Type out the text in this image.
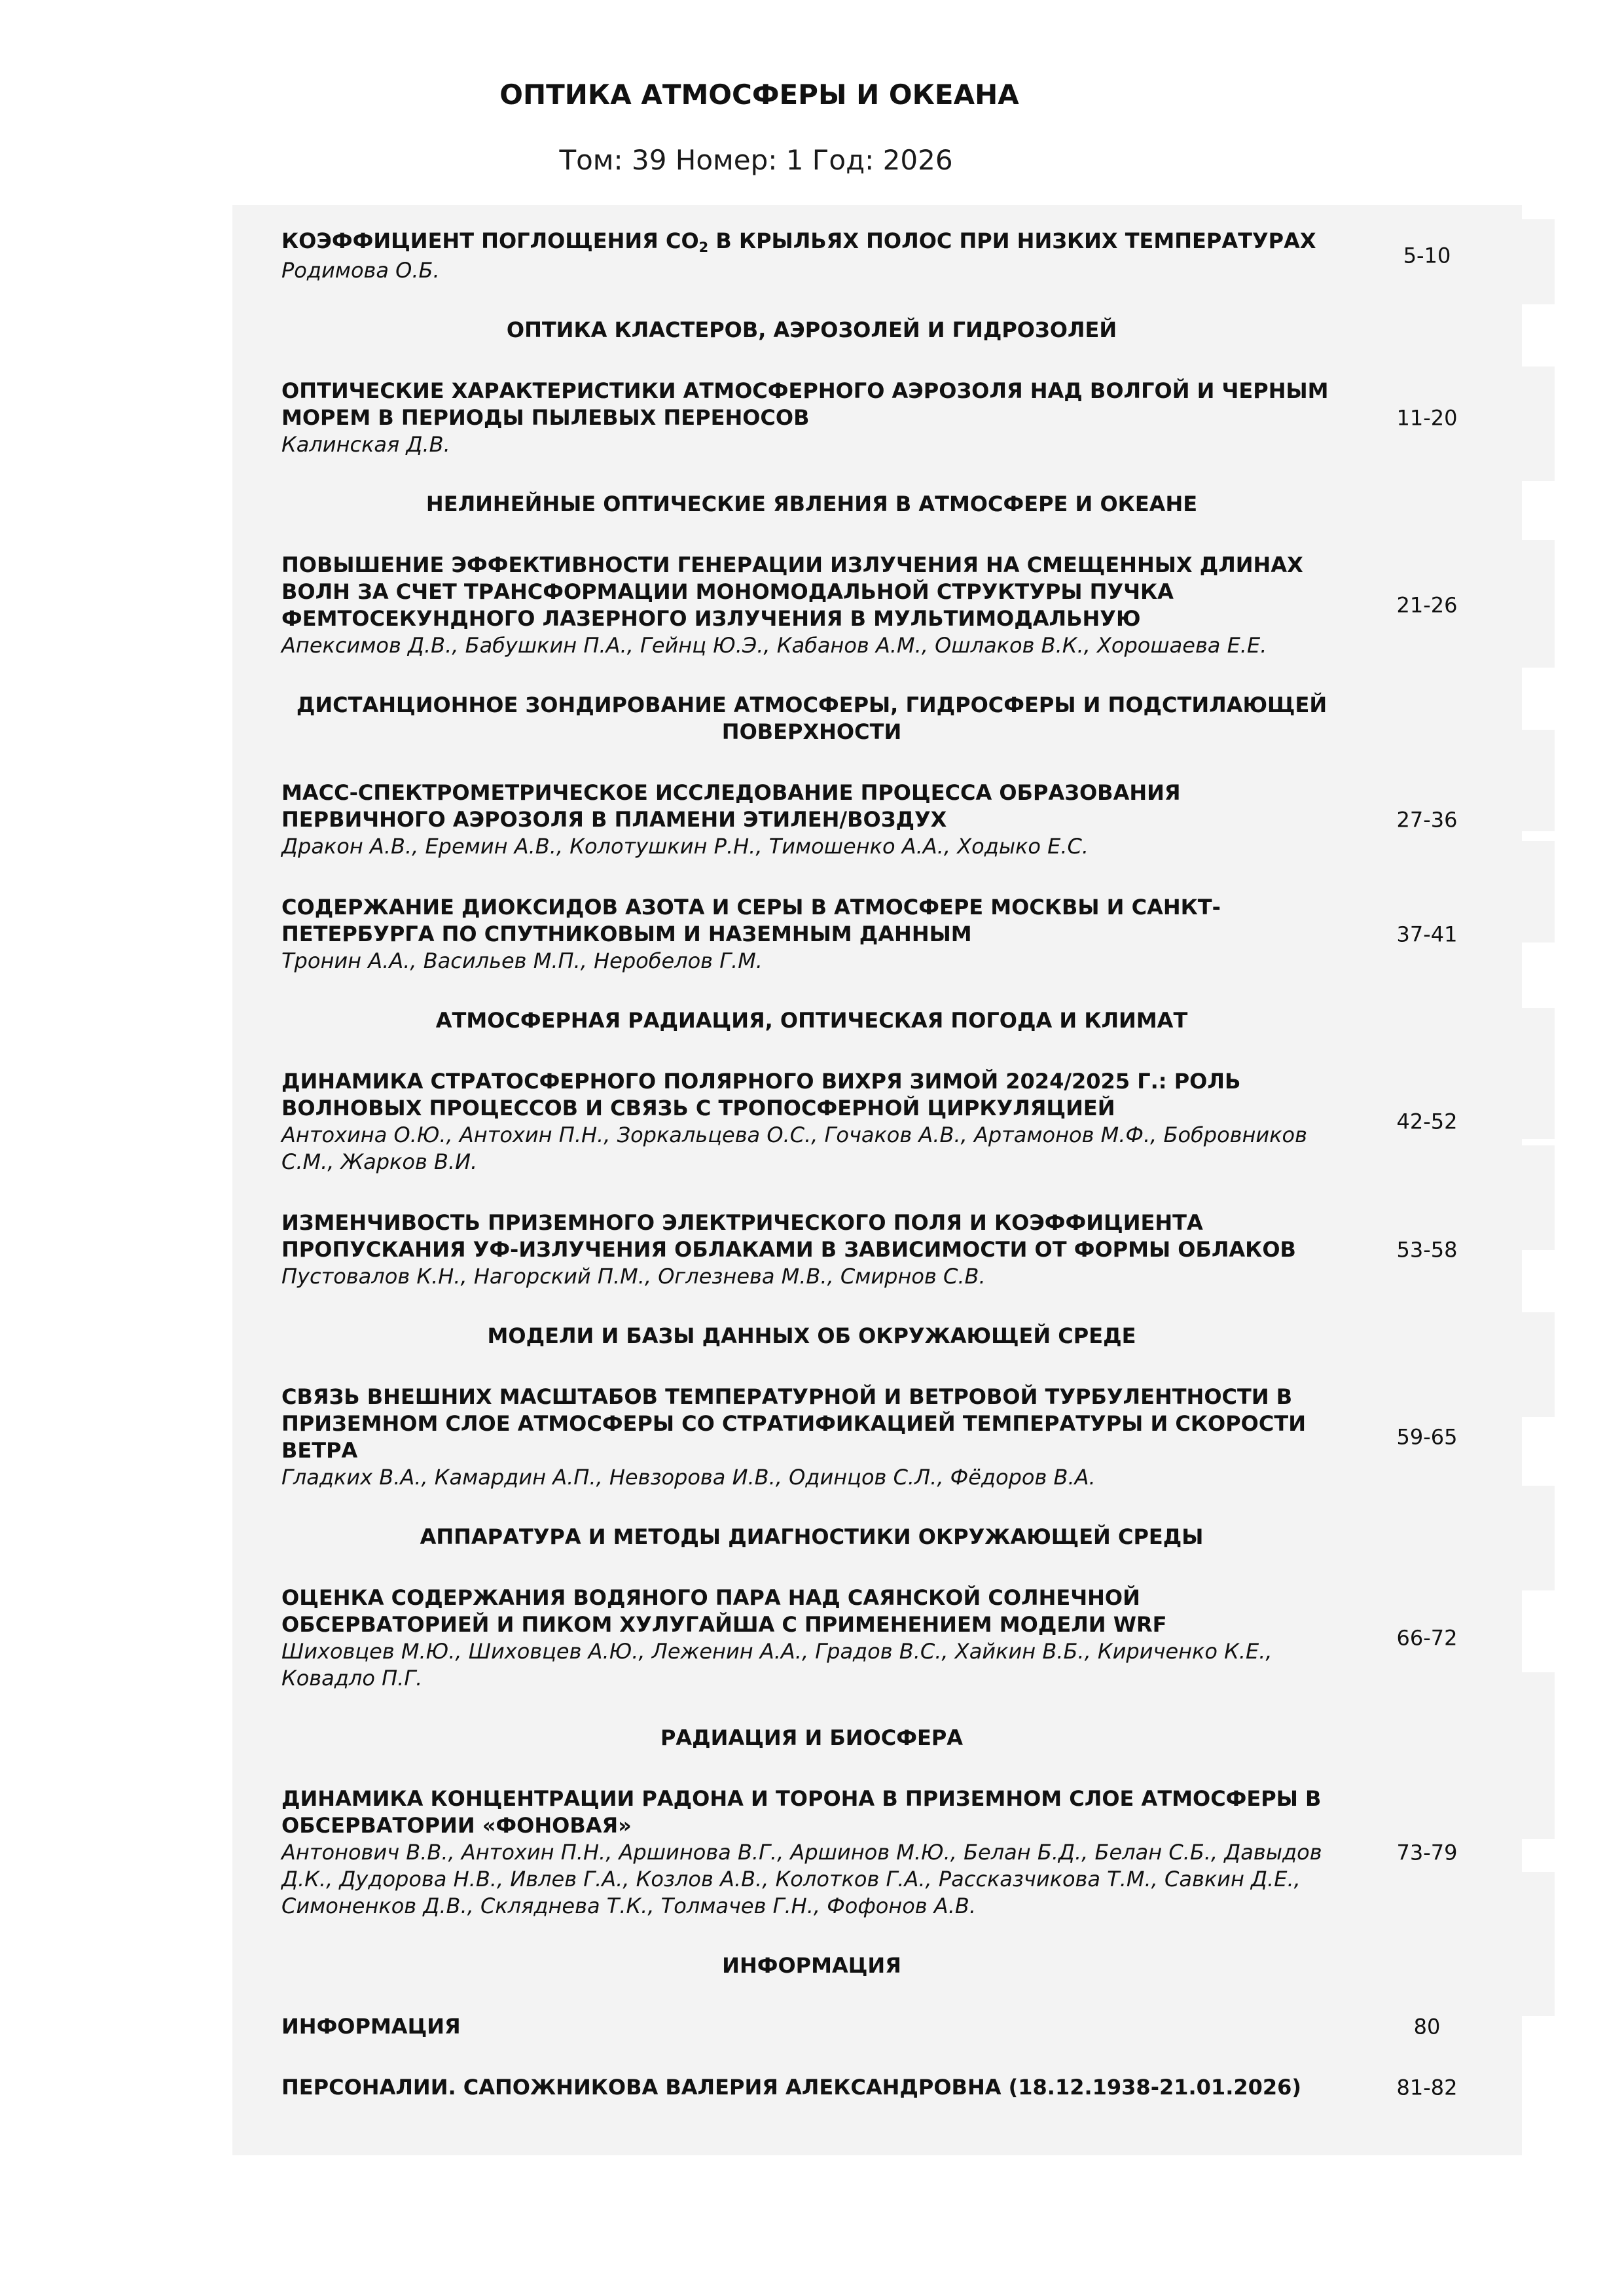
ОПТИКА АТМОСФЕРЫ И ОКЕАНА
Том: 39 Номер: 1 Год: 2026
КОЭФФИЦИЕНТ ПОГЛОЩЕНИЯ CO2 В КРЫЛЬЯХ ПОЛОС ПРИ НИЗКИХ ТЕМПЕРАТУРАХ
Родимова О.Б.
5-10
ОПТИКА КЛАСТЕРОВ, АЭРОЗОЛЕЙ И ГИДРОЗОЛЕЙ
ОПТИЧЕСКИЕ ХАРАКТЕРИСТИКИ АТМОСФЕРНОГО АЭРОЗОЛЯ НАД ВОЛГОЙ И ЧЕРНЫМ МОРЕМ В ПЕРИОДЫ ПЫЛЕВЫХ ПЕРЕНОСОВ
Калинская Д.В.
11-20
НЕЛИНЕЙНЫЕ ОПТИЧЕСКИЕ ЯВЛЕНИЯ В АТМОСФЕРЕ И ОКЕАНЕ
ПОВЫШЕНИЕ ЭФФЕКТИВНОСТИ ГЕНЕРАЦИИ ИЗЛУЧЕНИЯ НА СМЕЩЕННЫХ ДЛИНАХ ВОЛН ЗА СЧЕТ ТРАНСФОРМАЦИИ МОНОМОДАЛЬНОЙ СТРУКТУРЫ ПУЧКА ФЕМТОСЕКУНДНОГО ЛАЗЕРНОГО ИЗЛУЧЕНИЯ В МУЛЬТИМОДАЛЬНУЮ
Апексимов Д.В., Бабушкин П.А., Гейнц Ю.Э., Кабанов А.М., Ошлаков В.К., Хорошаева Е.Е.
21-26
ДИСТАНЦИОННОЕ ЗОНДИРОВАНИЕ АТМОСФЕРЫ, ГИДРОСФЕРЫ И ПОДСТИЛАЮЩЕЙ ПОВЕРХНОСТИ
МАСС-СПЕКТРОМЕТРИЧЕСКОЕ ИССЛЕДОВАНИЕ ПРОЦЕССА ОБРАЗОВАНИЯ ПЕРВИЧНОГО АЭРОЗОЛЯ В ПЛАМЕНИ ЭТИЛЕН/ВОЗДУХ
Дракон А.В., Еремин А.В., Колотушкин Р.Н., Тимошенко А.А., Ходыко Е.С.
27-36
СОДЕРЖАНИЕ ДИОКСИДОВ АЗОТА И СЕРЫ В АТМОСФЕРЕ МОСКВЫ И САНКТ-ПЕТЕРБУРГА ПО СПУТНИКОВЫМ И НАЗЕМНЫМ ДАННЫМ
Тронин А.А., Васильев М.П., Неробелов Г.М.
37-41
АТМОСФЕРНАЯ РАДИАЦИЯ, ОПТИЧЕСКАЯ ПОГОДА И КЛИМАТ
ДИНАМИКА СТРАТОСФЕРНОГО ПОЛЯРНОГО ВИХРЯ ЗИМОЙ 2024/2025 Г.: РОЛЬ ВОЛНОВЫХ ПРОЦЕССОВ И СВЯЗЬ С ТРОПОСФЕРНОЙ ЦИРКУЛЯЦИЕЙ
Антохина О.Ю., Антохин П.Н., Зоркальцева О.С., Гочаков А.В., Артамонов М.Ф., Бобровников С.М., Жарков В.И.
42-52
ИЗМЕНЧИВОСТЬ ПРИЗЕМНОГО ЭЛЕКТРИЧЕСКОГО ПОЛЯ И КОЭФФИЦИЕНТА ПРОПУСКАНИЯ УФ-ИЗЛУЧЕНИЯ ОБЛАКАМИ В ЗАВИСИМОСТИ ОТ ФОРМЫ ОБЛАКОВ
Пустовалов К.Н., Нагорский П.М., Оглезнева М.В., Смирнов С.В.
53-58
МОДЕЛИ И БАЗЫ ДАННЫХ ОБ ОКРУЖАЮЩЕЙ СРЕДЕ
СВЯЗЬ ВНЕШНИХ МАСШТАБОВ ТЕМПЕРАТУРНОЙ И ВЕТРОВОЙ ТУРБУЛЕНТНОСТИ В ПРИЗЕМНОМ СЛОЕ АТМОСФЕРЫ СО СТРАТИФИКАЦИЕЙ ТЕМПЕРАТУРЫ И СКОРОСТИ ВЕТРА
Гладких В.А., Камардин А.П., Невзорова И.В., Одинцов С.Л., Фёдоров В.А.
59-65
АППАРАТУРА И МЕТОДЫ ДИАГНОСТИКИ ОКРУЖАЮЩЕЙ СРЕДЫ
ОЦЕНКА СОДЕРЖАНИЯ ВОДЯНОГО ПАРА НАД САЯНСКОЙ СОЛНЕЧНОЙ ОБСЕРВАТОРИЕЙ И ПИКОМ ХУЛУГАЙША С ПРИМЕНЕНИЕМ МОДЕЛИ WRF
Шиховцев М.Ю., Шиховцев А.Ю., Леженин А.А., Градов В.С., Хайкин В.Б., Кириченко К.Е., Ковадло П.Г.
66-72
РАДИАЦИЯ И БИОСФЕРА
ДИНАМИКА КОНЦЕНТРАЦИИ РАДОНА И ТОРОНА В ПРИЗЕМНОМ СЛОЕ АТМОСФЕРЫ В ОБСЕРВАТОРИИ «ФОНОВАЯ»
Антонович В.В., Антохин П.Н., Аршинова В.Г., Аршинов М.Ю., Белан Б.Д., Белан С.Б., Давыдов Д.К., Дудорова Н.В., Ивлев Г.А., Козлов А.В., Колотков Г.А., Рассказчикова Т.М., Савкин Д.Е., Симоненков Д.В., Скляднева Т.К., Толмачев Г.Н., Фофонов А.В.
73-79
ИНФОРМАЦИЯ
ИНФОРМАЦИЯ	80
ПЕРСОНАЛИИ. САПОЖНИКОВА ВАЛЕРИЯ АЛЕКСАНДРОВНА (18.12.1938-21.01.2026)	81-82
